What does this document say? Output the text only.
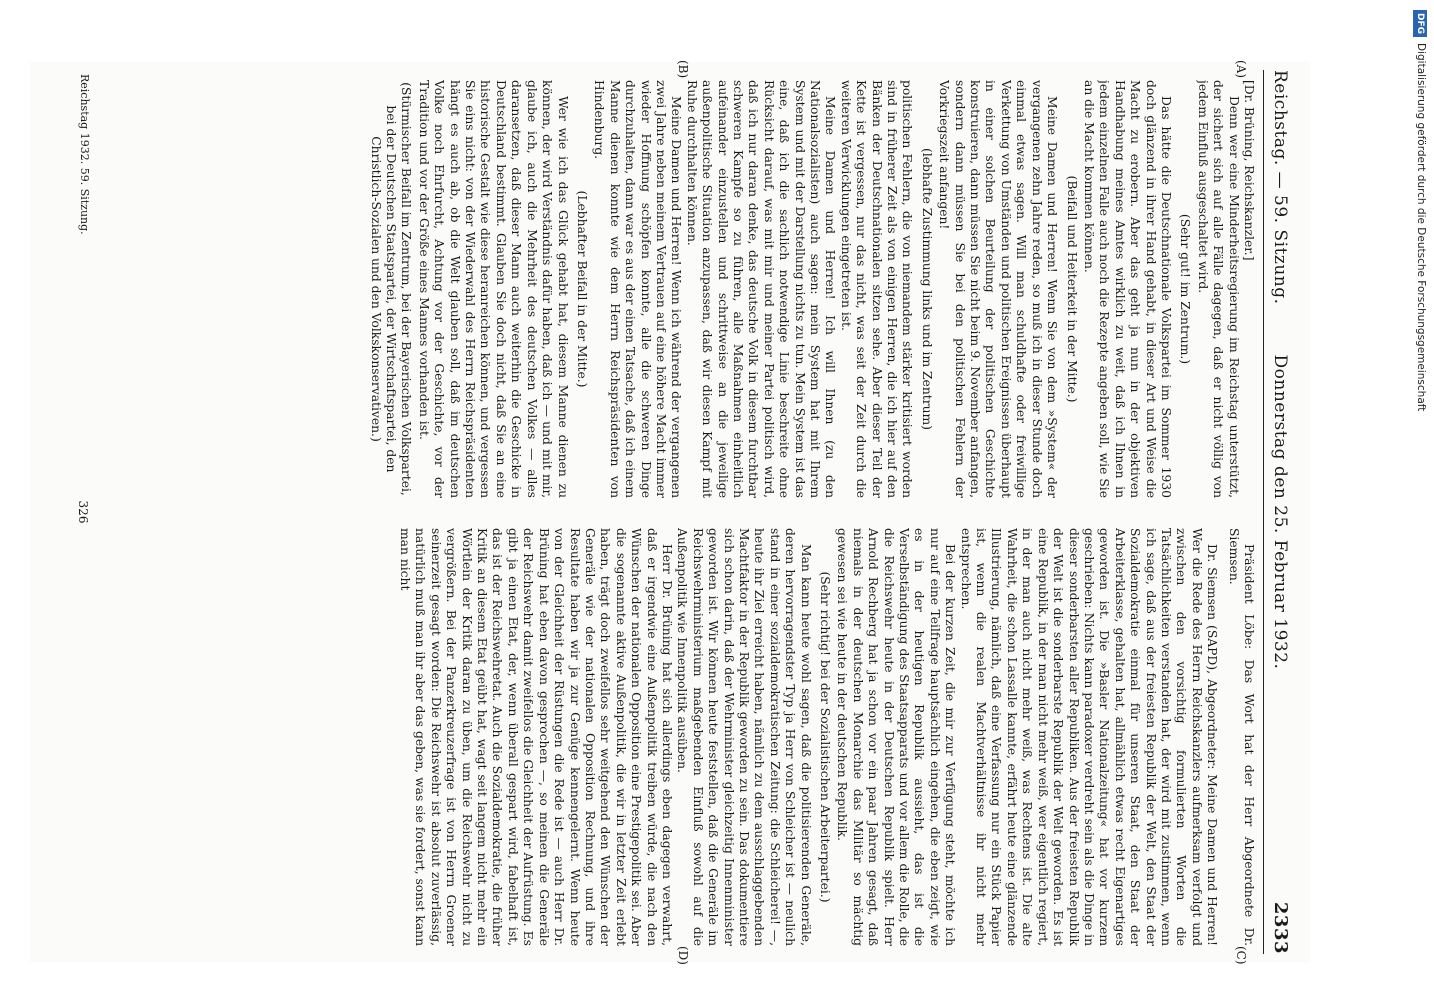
Reichstag. — 59. Sitzung.
Donnerstag den 25. Februar 1932.
2333
(A)
(B)
(C)
(D)

[Dr. Brüning, Reichskanzler.]

Denn wer eine Minderheitsregierung im Reichstag unterstützt, der sichert sich auf alle Fälle dagegen, daß er nicht völlig von jedem Einfluß ausgeschaltet wird.

(Sehr gut! im Zentrum.)

Das hätte die Deutschnationale Volkspartei im Sommer 1930 doch glänzend in ihrer Hand gehabt, in dieser Art und Weise die Macht zu erobern. Aber das geht ja nun in der objektiven Handhabung meines Amtes wirklich zu weit, daß ich Ihnen in jedem einzelnen Falle auch noch die Rezepte angeben soll, wie Sie an die Macht kommen können.

(Beifall und Heiterkeit in der Mitte.)

Meine Damen und Herren! Wenn Sie von dem »System« der vergangenen zehn Jahre reden, so muß ich in dieser Stunde doch einmal etwas sagen. Will man schuldhafte oder freiwillige Verkettung von Umständen und politischen Ereignissen überhaupt in einer solchen Beurteilung der politischen Geschichte konstruieren, dann müssen Sie nicht beim 9. November anfangen, sondern dann müssen Sie bei den politischen Fehlern der Vorkriegszeit anfangen!

(lebhafte Zustimmung links und im Zentrum)

politischen Fehlern, die von niemandem stärker kritisiert worden sind in früherer Zeit als von einigen Herren, die ich hier auf den Bänken der Deutschnationalen sitzen sehe. Aber dieser Teil der Kette ist vergessen, nur das nicht, was seit der Zeit durch die weiteren Verwicklungen eingetreten ist.

Meine Damen und Herren! Ich will Ihnen (zu den Nationalsozialisten) auch sagen: mein System hat mit Ihrem System und mit der Darstellung nichts zu tun. Mein System ist das eine, daß ich die sachlich notwendige Linie beschreite ohne Rücksicht darauf, was mit mir und meiner Partei politisch wird, daß ich nur daran denke, das deutsche Volk in diesem furchtbar schweren Kampfe so zu führen, alle Maßnahmen einheitlich aufeinander einzustellen und schrittweise an die jeweilige außenpolitische Situation anzupassen, daß wir diesen Kampf mit Ruhe durchhalten können.

Meine Damen und Herren! Wenn ich während der vergangenen zwei Jahre neben meinem Vertrauen auf eine höhere Macht immer wieder Hoffnung schöpfen konnte, alle die schweren Dinge durchzuhalten, dann war es aus der einen Tatsache, daß ich einem Manne dienen konnte wie dem Herrn Reichspräsidenten von Hindenburg.

(Lebhafter Beifall in der Mitte.)

Wer wie ich das Glück gehabt hat, diesem Manne dienen zu können, der wird Verständnis dafür haben, daß ich — und mit mir, glaube ich, auch die Mehrheit des deutschen Volkes — alles daransetzen, daß dieser Mann auch weiterhin die Geschicke in Deutschland bestimmt. Glauben Sie doch nicht, daß Sie an eine historische Gestalt wie diese heranreichen können, und vergessen Sie eins nicht: von der Wiederwahl des Herrn Reichspräsidenten hängt es auch ab, ob die Welt glauben soll, daß im deutschen Volke noch Ehrfurcht, Achtung vor der Geschichte, vor der Tradition und vor der Größe eines Mannes vorhanden ist.

(Stürmischer Beifall im Zentrum, bei der Bayerischen Volkspartei, bei der Deutschen Staatspartei, der Wirtschaftspartei, den Christlich-Sozialen und den Volkskonservativen.)

Präsident Löbe: Das Wort hat der Herr Abgeordnete Dr. Siemsen.

Dr. Siemsen (SAPD), Abgeordneter: Meine Damen und Herren! Wer die Rede des Herrn Reichskanzlers aufmerksam verfolgt und zwischen den vorsichtig formulierten Worten die Tatsächlichkeiten verstanden hat, der wird mit zustimmen, wenn ich sage, daß aus der freiesten Republik der Welt, den Staat der Sozialdemokratie einmal für unseren Staat, den Staat der Arbeiterklasse, gehalten hat, allmählich etwas recht Eigenartiges geworden ist. Die »Basler Nationalzeitung« hat vor kurzem geschrieben: Nichts kann paradoxer verdreht sein als die Dinge in dieser sonderbarsten aller Republiken. Aus der freiesten Republik der Welt ist die sonderbarste Republik der Welt geworden. Es ist eine Republik, in der man nicht mehr weiß, wer eigentlich regiert, in der man auch nicht mehr weiß, was Rechtens ist. Die alte Wahrheit, die schon Lassalle kannte, erfährt heute eine glänzende Illustrierung, nämlich, daß eine Verfassung nur ein Stück Papier ist, wenn die realen Machtverhältnisse ihr nicht mehr entsprechen.

Bei der kurzen Zeit, die mir zur Verfügung steht, möchte ich nur auf eine Teilfrage hauptsächlich eingehen, die eben zeigt, wie es in der heutigen Republik aussieht, das ist die Verselbständigung des Staatsapparats und vor allem die Rolle, die die Reichswehr heute in der Deutschen Republik spielt. Herr Arnold Rechberg hat ja schon vor ein paar Jahren gesagt, daß niemals in der deutschen Monarchie das Militär so mächtig gewesen sei wie heute in der deutschen Republik.

(Sehr richtig! bei der Sozialistischen Arbeiterpartei.)

Man kann heute wohl sagen, daß die politisierenden Generäle, deren hervorragendster Typ ja Herr von Schleicher ist — neulich stand in einer sozialdemokratischen Zeitung: die Schleicherei! —, heute ihr Ziel erreicht haben, nämlich zu dem ausschlaggebenden Machtfaktor in der Republik geworden zu sein. Das dokumentiere sich schon darin, daß der Wehrminister gleichzeitig Innenminister geworden ist. Wir können heute feststellen, daß die Generäle im Reichswehrministerium maßgebenden Einfluß sowohl auf die Außenpolitik wie Innenpolitik ausüben.

Herr Dr. Brüning hat sich allerdings eben dagegen verwahrt, daß er irgendwie eine Außenpolitik treiben würde, die nach den Wünschen der nationalen Opposition eine Prestigepolitik sei. Aber die sogenannte aktive Außenpolitik, die wir in letzter Zeit erlebt haben, trägt doch zweifellos sehr weitgehend den Wünschen der Generäle wie der nationalen Opposition Rechnung, und ihre Resultate haben wir ja zur Genüge kennengelernt. Wenn heute von der Gleichheit der Rüstungen die Rede ist — auch Herr Dr. Brüning hat eben davon gesprochen —, so meinen die Generäle der Reichswehr damit zweifellos die Gleichheit der Aufrüstung. Es gibt ja einen Etat, der, wenn überall gespart wird, fabelhaft ist, das ist der Reichswehretat. Auch die Sozialdemokratie, die früher Kritik an diesem Etat geübt hat, wagt seit langem nicht mehr ein Wörtlein der Kritik daran zu üben, um die Reichswehr nicht zu vergrößern. Bei der Panzerkreuzerfrage ist von Herrn Groener seinerzeit gesagt worden: Die Reichswehr ist absolut zuverlässig, natürlich muß man ihr aber das geben, was sie fordert, sonst kann man nicht

Reichstag 1932. 59. Sitzung.
326
DFGDigitalisierung gefördert durch die Deutsche Forschungsgemeinschaft
